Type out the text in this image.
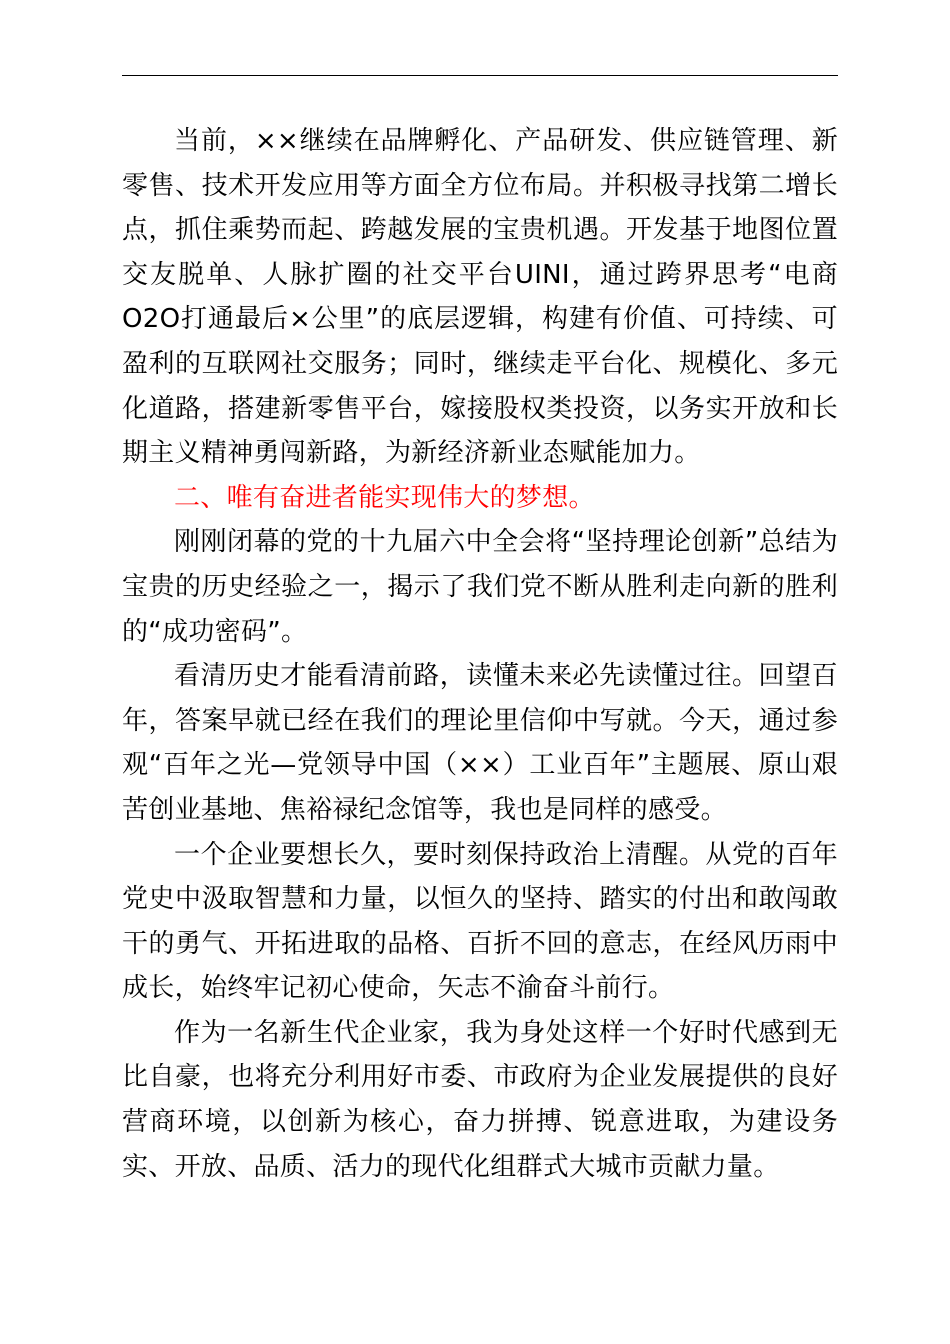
当前，××继续在品牌孵化、产品研发、供应链管理、新零售、技术开发应用等方面全方位布局。并积极寻找第二增长点，抓住乘势而起、跨越发展的宝贵机遇。开发基于地图位置交友脱单、人脉扩圈的社交平台UINI，通过跨界思考“电商O2O打通最后×公里”的底层逻辑，构建有价值、可持续、可盈利的互联网社交服务；同时，继续走平台化、规模化、多元化道路，搭建新零售平台，嫁接股权类投资，以务实开放和长期主义精神勇闯新路，为新经济新业态赋能加力。

二、唯有奋进者能实现伟大的梦想。

刚刚闭幕的党的十九届六中全会将“坚持理论创新”总结为宝贵的历史经验之一，揭示了我们党不断从胜利走向新的胜利的“成功密码”。

看清历史才能看清前路，读懂未来必先读懂过往。回望百年，答案早就已经在我们的理论里信仰中写就。今天，通过参观“百年之光—党领导中国（××）工业百年”主题展、原山艰苦创业基地、焦裕禄纪念馆等，我也是同样的感受。

一个企业要想长久，要时刻保持政治上清醒。从党的百年党史中汲取智慧和力量，以恒久的坚持、踏实的付出和敢闯敢干的勇气、开拓进取的品格、百折不回的意志，在经风历雨中成长，始终牢记初心使命，矢志不渝奋斗前行。

作为一名新生代企业家，我为身处这样一个好时代感到无比自豪，也将充分利用好市委、市政府为企业发展提供的良好营商环境，以创新为核心，奋力拼搏、锐意进取，为建设务实、开放、品质、活力的现代化组群式大城市贡献力量。
